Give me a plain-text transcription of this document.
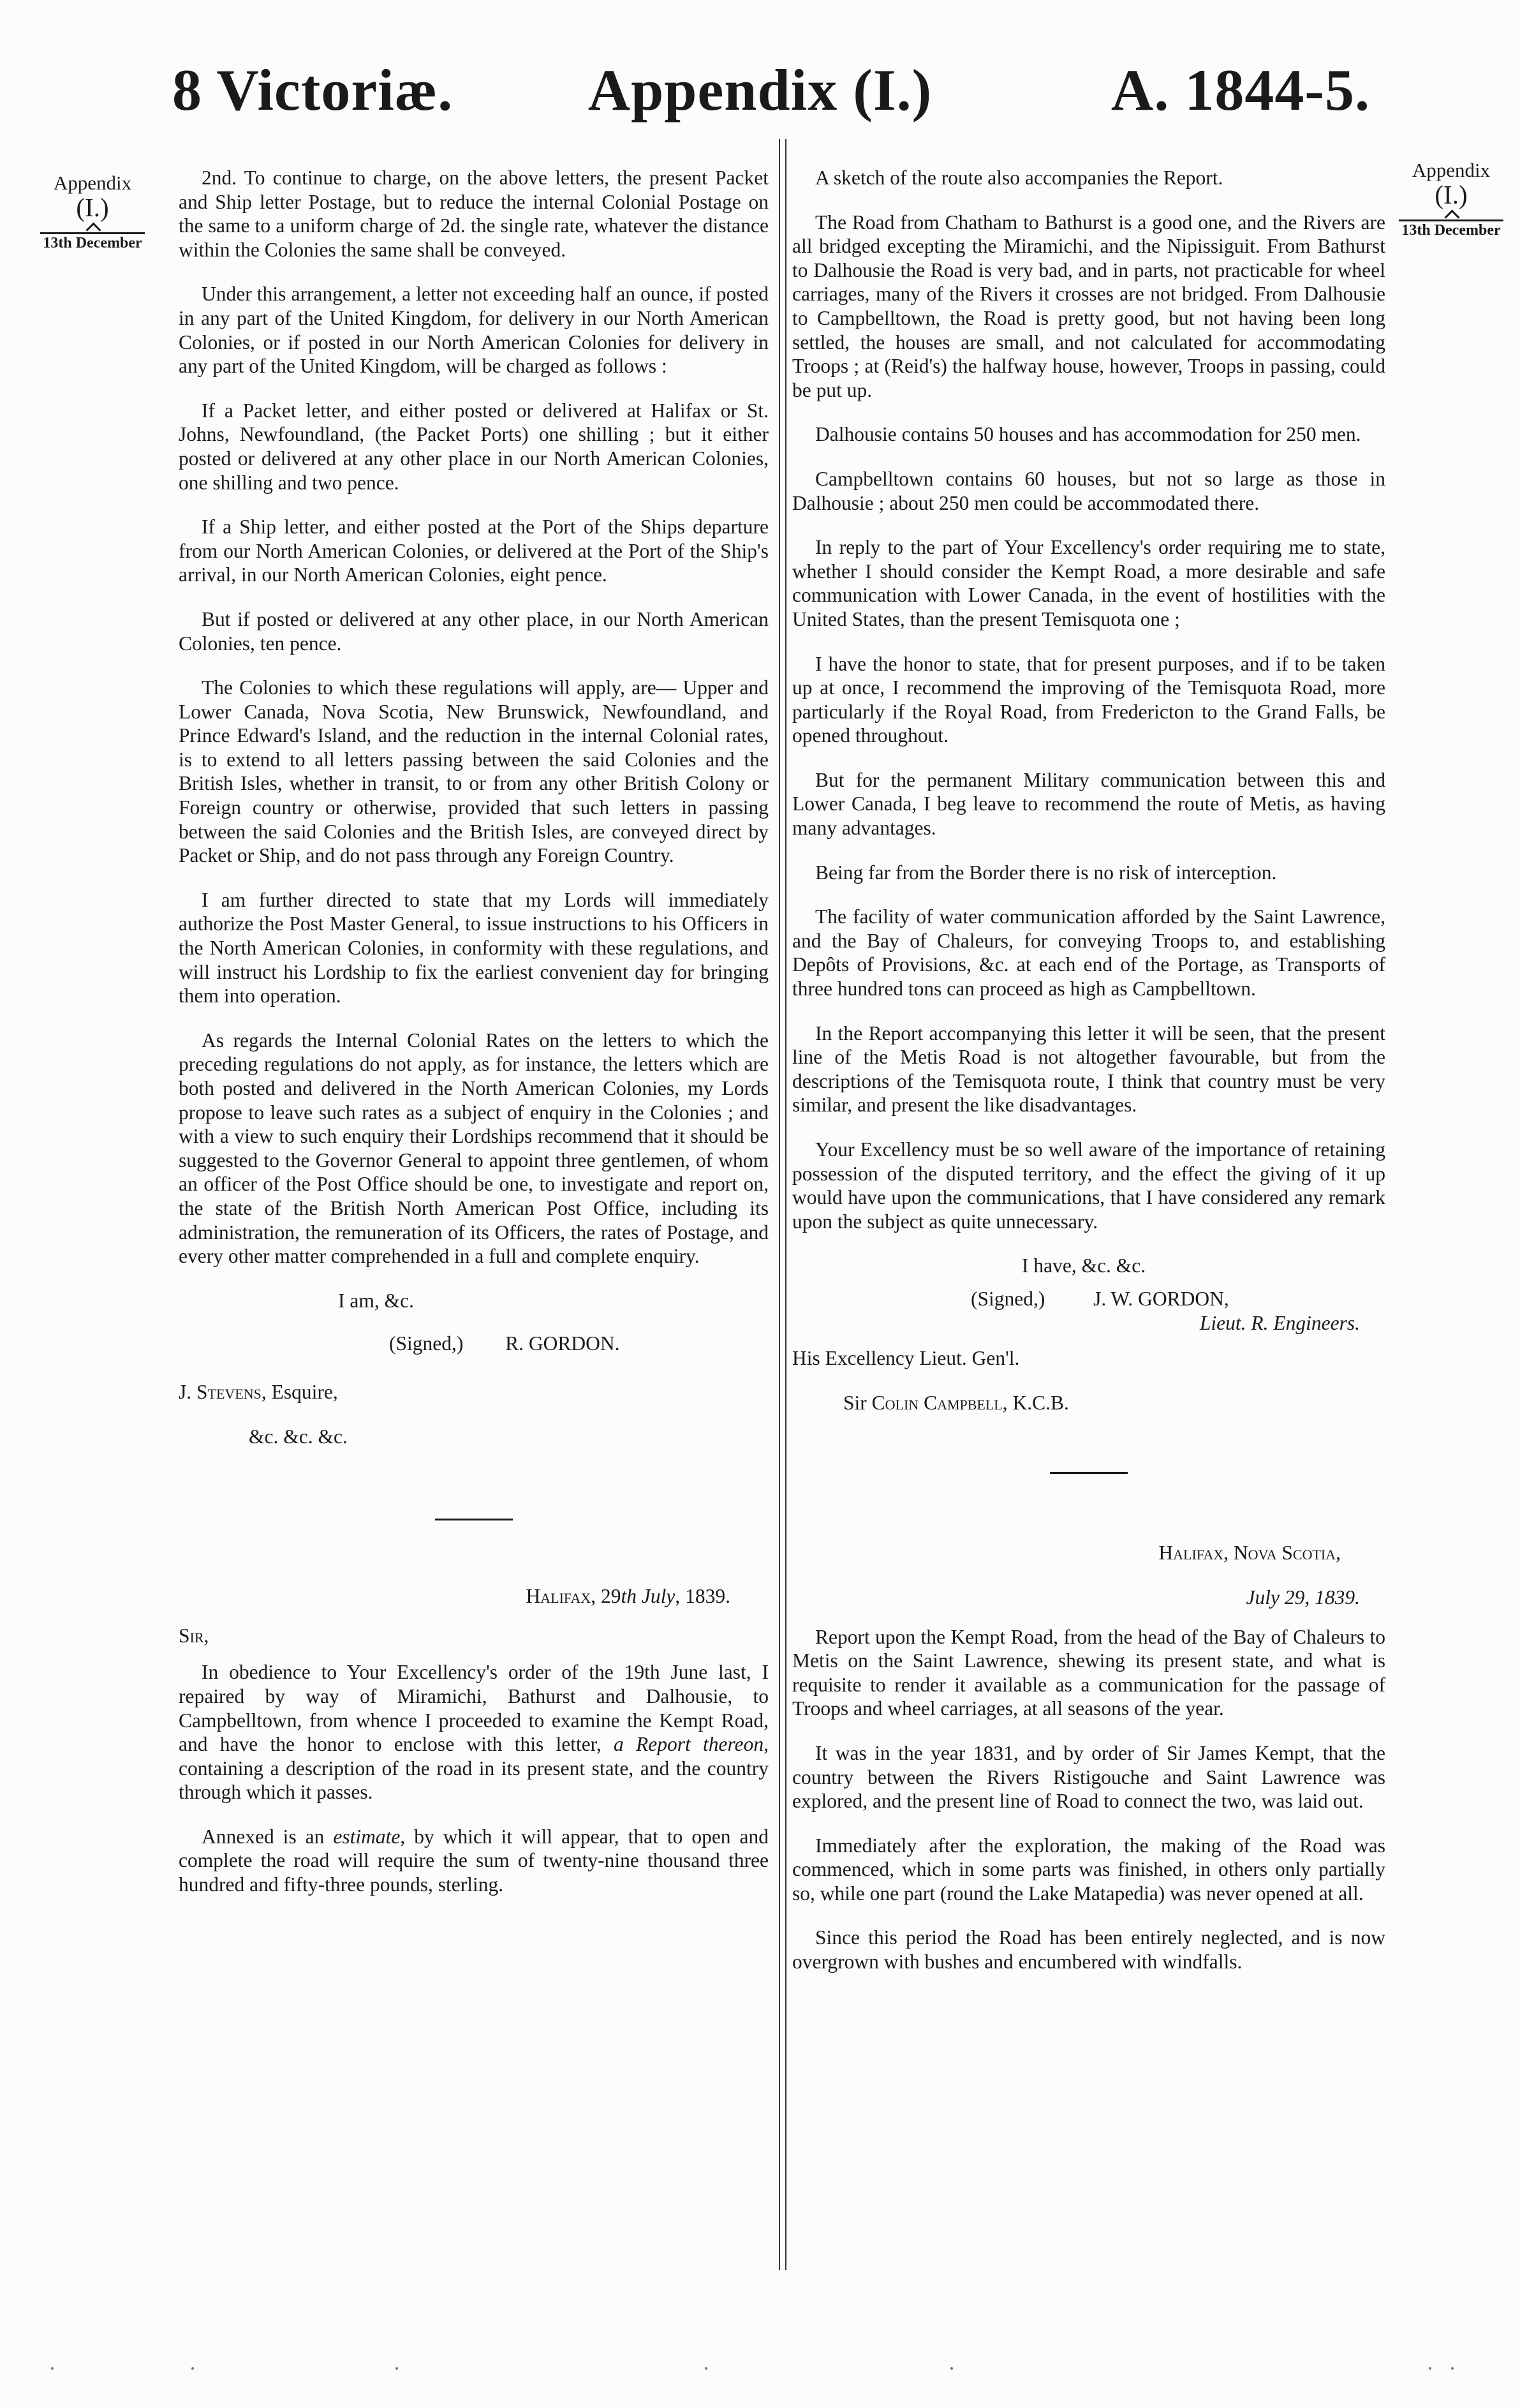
8 Victoriæ.	Appendix (I.)	A. 1844-5.
Appendix
(I.)
13th December
Appendix
(I.)
13th December

2nd. To continue to charge, on the above letters, the present Packet and Ship letter Postage, but to reduce the internal Colonial Postage on the same to a uniform charge of 2d. the single rate, whatever the distance within the Colonies the same shall be conveyed.

Under this arrangement, a letter not exceeding half an ounce, if posted in any part of the United Kingdom, for delivery in our North American Colonies, or if posted in our North American Colonies for delivery in any part of the United Kingdom, will be charged as follows :

If a Packet letter, and either posted or delivered at Halifax or St. Johns, Newfoundland, (the Packet Ports) one shilling ; but it either posted or delivered at any other place in our North American Colonies, one shilling and two pence.

If a Ship letter, and either posted at the Port of the Ships departure from our North American Colonies, or delivered at the Port of the Ship's arrival, in our North American Colonies, eight pence.

But if posted or delivered at any other place, in our North American Colonies, ten pence.

The Colonies to which these regulations will apply, are— Upper and Lower Canada, Nova Scotia, New Brunswick, Newfoundland, and Prince Edward's Island, and the reduction in the internal Colonial rates, is to extend to all letters passing between the said Colonies and the British Isles, whether in transit, to or from any other British Colony or Foreign country or otherwise, provided that such letters in passing between the said Colonies and the British Isles, are conveyed direct by Packet or Ship, and do not pass through any Foreign Country.

I am further directed to state that my Lords will immediately authorize the Post Master General, to issue instructions to his Officers in the North American Colonies, in conformity with these regulations, and will instruct his Lordship to fix the earliest convenient day for bringing them into operation.

As regards the Internal Colonial Rates on the letters to which the preceding regulations do not apply, as for instance, the letters which are both posted and delivered in the North American Colonies, my Lords propose to leave such rates as a subject of enquiry in the Colonies ; and with a view to such enquiry their Lordships recommend that it should be suggested to the Governor General to appoint three gentlemen, of whom an officer of the Post Office should be one, to investigate and report on, the state of the British North American Post Office, including its administration, the remuneration of its Officers, the rates of Postage, and every other matter comprehended in a full and complete enquiry.

I am, &c.

(Signed,) R. GORDON.

J. Stevens, Esquire,

&c. &c. &c.

Halifax, 29th July, 1839.

Sir,

In obedience to Your Excellency's order of the 19th June last, I repaired by way of Miramichi, Bathurst and Dalhousie, to Campbelltown, from whence I proceeded to examine the Kempt Road, and have the honor to enclose with this letter, a Report thereon, containing a description of the road in its present state, and the country through which it passes.

Annexed is an estimate, by which it will appear, that to open and complete the road will require the sum of twenty-nine thousand three hundred and fifty-three pounds, sterling.

A sketch of the route also accompanies the Report.

The Road from Chatham to Bathurst is a good one, and the Rivers are all bridged excepting the Miramichi, and the Nipissiguit. From Bathurst to Dalhousie the Road is very bad, and in parts, not practicable for wheel carriages, many of the Rivers it crosses are not bridged. From Dalhousie to Campbelltown, the Road is pretty good, but not having been long settled, the houses are small, and not calculated for accommodating Troops ; at (Reid's) the halfway house, however, Troops in passing, could be put up.

Dalhousie contains 50 houses and has accommodation for 250 men.

Campbelltown contains 60 houses, but not so large as those in Dalhousie ; about 250 men could be accommodated there.

In reply to the part of Your Excellency's order requiring me to state, whether I should consider the Kempt Road, a more desirable and safe communication with Lower Canada, in the event of hostilities with the United States, than the present Temisquota one ;

I have the honor to state, that for present purposes, and if to be taken up at once, I recommend the improving of the Temisquota Road, more particularly if the Royal Road, from Fredericton to the Grand Falls, be opened throughout.

But for the permanent Military communication between this and Lower Canada, I beg leave to recommend the route of Metis, as having many advantages.

Being far from the Border there is no risk of interception.

The facility of water communication afforded by the Saint Lawrence, and the Bay of Chaleurs, for conveying Troops to, and establishing Depôts of Provisions, &c. at each end of the Portage, as Transports of three hundred tons can proceed as high as Campbelltown.

In the Report accompanying this letter it will be seen, that the present line of the Metis Road is not altogether favourable, but from the descriptions of the Temisquota route, I think that country must be very similar, and present the like disadvantages.

Your Excellency must be so well aware of the importance of retaining possession of the disputed territory, and the effect the giving of it up would have upon the communications, that I have considered any remark upon the subject as quite unnecessary.

I have, &c. &c.

(Signed,) J. W. GORDON,

Lieut. R. Engineers.

His Excellency Lieut. Gen'l.

Sir Colin Campbell, K.C.B.

Halifax, Nova Scotia,

July 29, 1839.

Report upon the Kempt Road, from the head of the Bay of Chaleurs to Metis on the Saint Lawrence, shewing its present state, and what is requisite to render it available as a communication for the passage of Troops and wheel carriages, at all seasons of the year.

It was in the year 1831, and by order of Sir James Kempt, that the country between the Rivers Ristigouche and Saint Lawrence was explored, and the present line of Road to connect the two, was laid out.

Immediately after the exploration, the making of the Road was commenced, which in some parts was finished, in others only partially so, while one part (round the Lake Matapedia) was never opened at all.

Since this period the Road has been entirely neglected, and is now overgrown with bushes and encumbered with windfalls.
